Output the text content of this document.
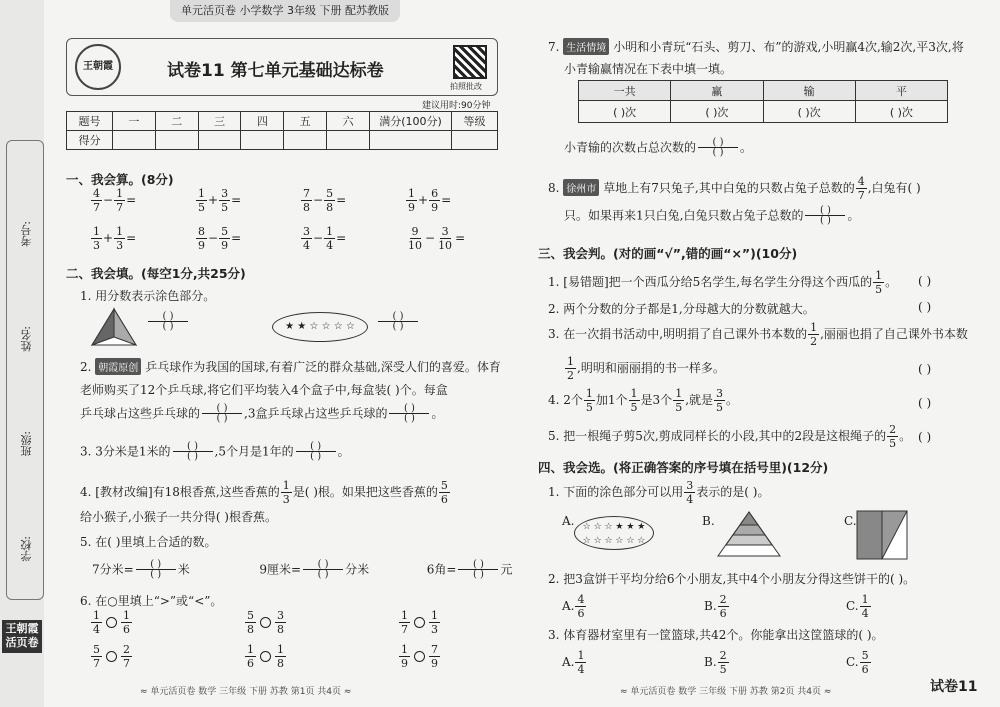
考号:
姓名:
班级:
学校:
王朝霞 活页卷
单元活页卷 小学数学 3年级 下册 配苏教版
王朝霞	试卷11 第七单元基础达标卷
拍照批改
建议用时:90分钟
题号	一	二	三	四	五	六	满分(100分)	等级
得分								
一、我会算。(8分)
$\frac{4}{7} - \frac{1}{7}$ =	$\frac{1}{5} + \frac{3}{5}$ =	$\frac{7}{8} - \frac{5}{8}$ =	$\frac{1}{9} + \frac{6}{9}$ =
$\frac{1}{3} + \frac{1}{3}$ =	$\frac{8}{9} - \frac{5}{9}$ =	$\frac{3}{4} - \frac{1}{4}$ =	$\frac{9}{10} - \frac{3}{10}$ =
二、我会填。(每空1分,共25分)
1. 用分数表示涂色部分。
( )
( )	★ ★ ☆ ☆ ☆ ☆
( )
( )
2. 朝霞原创 乒乓球作为我国的国球,有着广泛的群众基础,深受人们的喜爱。体育
老师购买了12个乒乓球,将它们平均装入4个盒子中,每盒装( )个。每盒
乒乓球占这些乒乓球的	( )
( )	,3盒乒乓球占这些乒乓球的	( )
( )	。
3. 3分米是1米的	( )
( )	,5个月是1年的	( )
( )	。
4. [教材改编]有18根香蕉,这些香蕉的 $\frac{1}{3}$ 是( )根。如果把这些香蕉的 $\frac{5}{6}$
给小猴子,小猴子一共分得( )根香蕉。
5. 在( )里填上合适的数。
7分米=	( )
( )	米	9厘米=	( )
( )	分米	6角=	( )
( )	元
6. 在○里填上“>”或“<”。
$\frac{1}{4} \frac{1}{6}$	$\frac{5}{8} \frac{3}{8}$	$\frac{1}{7} \frac{1}{3}$
$\frac{5}{7} \frac{2}{7}$	$\frac{1}{6} \frac{1}{8}$	$\frac{1}{9} \frac{7}{9}$
≈ 单元活页卷 数学 三年级 下册 苏教 第1页 共4页 ≈
7. 生活情境 小明和小青玩“石头、剪刀、布”的游戏,小明赢4次,输2次,平3次,将
小青输赢情况在下表中填一填。
一共	赢	输	平
( )次	( )次	( )次	( )次
小青输的次数占总次数的	( )
( )	。
8. 徐州市 草地上有7只兔子,其中白兔的只数占兔子总数的 $\frac{4}{7}$ ,白兔有( )
只。如果再来1只白兔,白兔只数占兔子总数的	( )
( )	。
三、我会判。(对的画“√”,错的画“×”)(10分)
1. [易错题]把一个西瓜分给5名学生,每名学生分得这个西瓜的 $\frac{1}{5}$ 。 ( )
2. 两个分数的分子都是1,分母越大的分数就越大。	( )
3. 在一次捐书活动中,明明捐了自己课外书本数的 $\frac{1}{2}$ ,丽丽也捐了自己课外书本数
$\frac{1}{2}$ ,明明和丽丽捐的书一样多。	( )
4. 2个 $\frac{1}{5}$ 加1个 $\frac{1}{5}$ 是3个 $\frac{1}{5}$ ,就是 $\frac{3}{5}$ 。	( )
5. 把一根绳子剪5次,剪成同样长的小段,其中的2段是这根绳子的 $\frac{2}{5}$ 。 ( )
四、我会选。(将正确答案的序号填在括号里)(12分)
1. 下面的涂色部分可以用 $\frac{3}{4}$ 表示的是( )。
A. ☆ ☆ ☆ ★ ★ ★
☆ ☆ ☆ ☆ ☆ ☆
B.	C.
2. 把3盒饼干平均分给6个小朋友,其中4个小朋友分得这些饼干的( )。
A. $\frac{4}{6}$	B. $\frac{2}{6}$	C. $\frac{1}{4}$
3. 体育器材室里有一筐篮球,共42个。你能拿出这筐篮球的( )。
A. $\frac{1}{4}$	B. $\frac{2}{5}$	C. $\frac{5}{6}$
≈ 单元活页卷 数学 三年级 下册 苏教 第2页 共4页 ≈	试卷11
